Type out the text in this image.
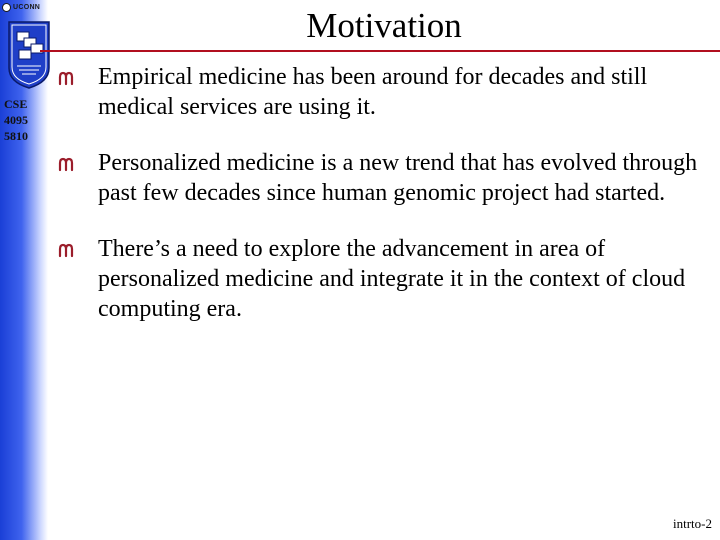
UCONN
CSE
4095
5810
Motivation
Empirical medicine has been around for decades and still medical services are using it.
Personalized medicine is a new trend that has evolved through past few decades since human genomic project had started.
There’s a need to explore the advancement in area of personalized medicine and integrate it in the context of cloud computing era.
intrto-2
